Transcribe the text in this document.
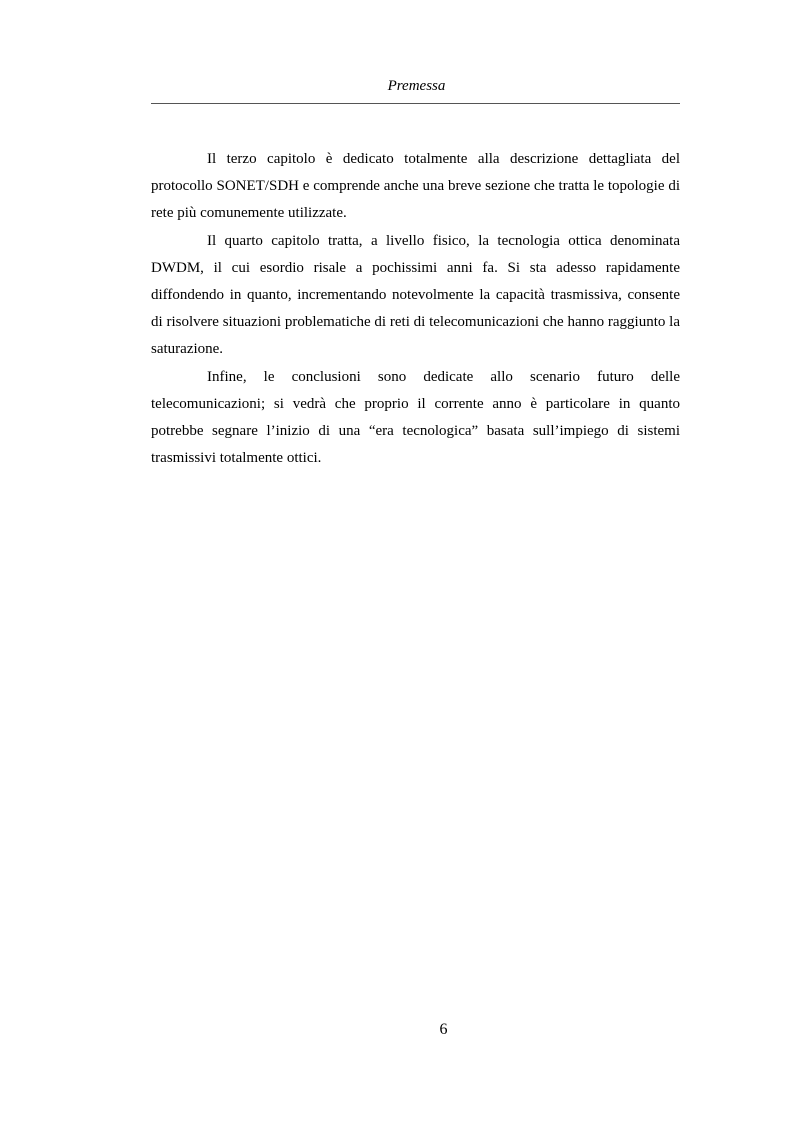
Premessa

Il terzo capitolo è dedicato totalmente alla descrizione dettagliata del protocollo SONET/SDH e comprende anche una breve sezione che tratta le topologie di rete più comunemente utilizzate.

Il quarto capitolo tratta, a livello fisico, la tecnologia ottica denominata DWDM, il cui esordio risale a pochissimi anni fa. Si sta adesso rapidamente diffondendo in quanto, incrementando notevolmente la capacità trasmissiva, consente di risolvere situazioni problematiche di reti di telecomunicazioni che hanno raggiunto la saturazione.

Infine, le conclusioni sono dedicate allo scenario futuro delle telecomunicazioni; si vedrà che proprio il corrente anno è particolare in quanto potrebbe segnare l’inizio di una “era tecnologica” basata sull’impiego di sistemi trasmissivi totalmente ottici.

6
